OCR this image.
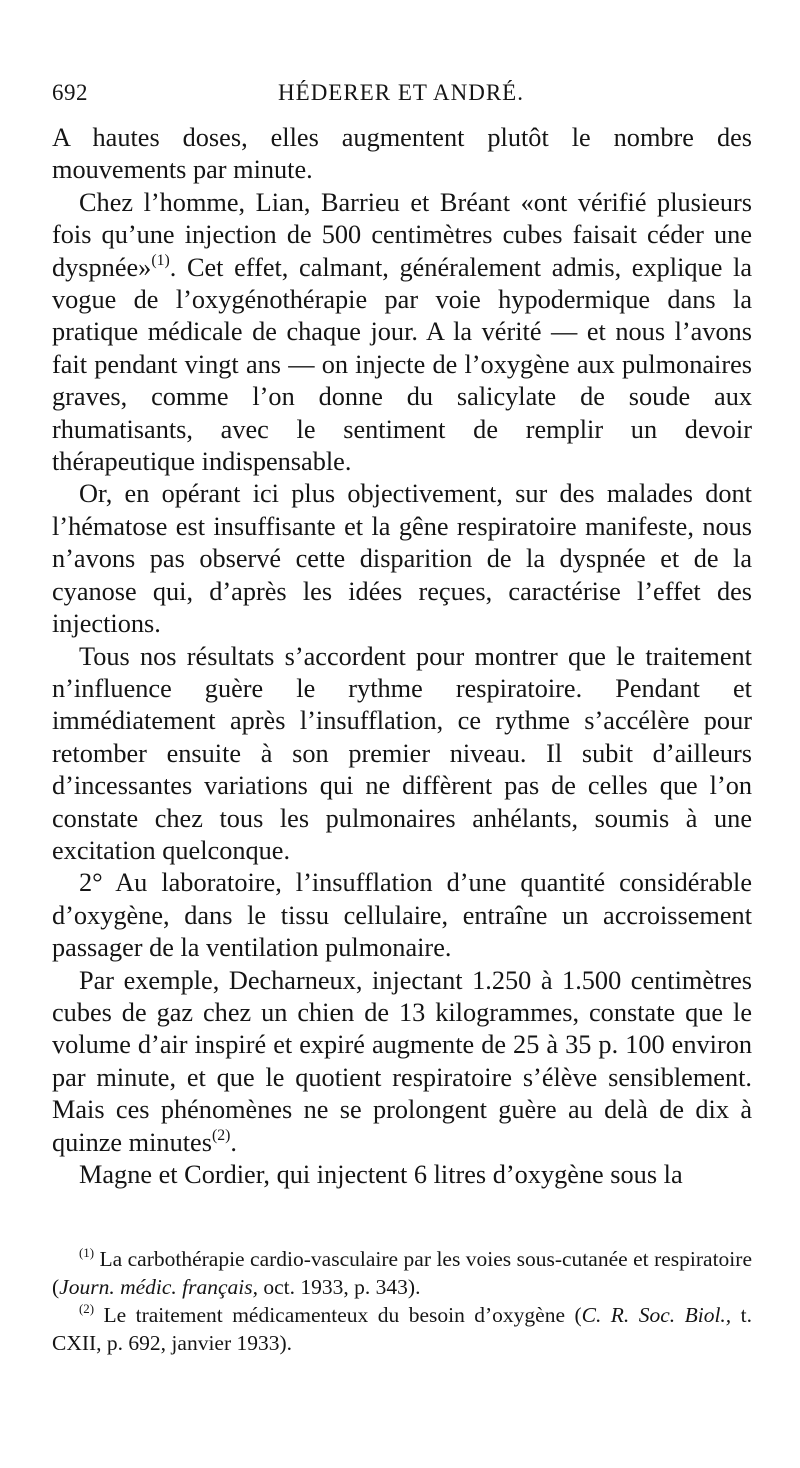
692	HÉDERER ET ANDRÉ.

A hautes doses, elles augmentent plutôt le nombre des mouvements par minute.

Chez l’homme, Lian, Barrieu et Bréant «ont vérifié plusieurs fois qu’une injection de 500 centimètres cubes faisait céder une dyspnée»$^{(1)}$. Cet effet, calmant, généralement admis, explique la vogue de l’oxygénothérapie par voie hypodermique dans la pratique médicale de chaque jour. A la vérité — et nous l’avons fait pendant vingt ans — on injecte de l’oxygène aux pulmonaires graves, comme l’on donne du salicylate de soude aux rhumatisants, avec le sentiment de remplir un devoir thérapeutique indispensable.

Or, en opérant ici plus objectivement, sur des malades dont l’hématose est insuffisante et la gêne respiratoire manifeste, nous n’avons pas observé cette disparition de la dyspnée et de la cyanose qui, d’après les idées reçues, caractérise l’effet des injections.

Tous nos résultats s’accordent pour montrer que le traitement n’influence guère le rythme respiratoire. Pendant et immédiatement après l’insufflation, ce rythme s’accélère pour retomber ensuite à son premier niveau. Il subit d’ailleurs d’incessantes variations qui ne diffèrent pas de celles que l’on constate chez tous les pulmonaires anhélants, soumis à une excitation quelconque.

2° Au laboratoire, l’insufflation d’une quantité considérable d’oxygène, dans le tissu cellulaire, entraîne un accroissement passager de la ventilation pulmonaire.

Par exemple, Decharneux, injectant 1.250 à 1.500 centimètres cubes de gaz chez un chien de 13 kilogrammes, constate que le volume d’air inspiré et expiré augmente de 25 à 35 p. 100 environ par minute, et que le quotient respiratoire s’élève sensiblement. Mais ces phénomènes ne se prolongent guère au delà de dix à quinze minutes$^{(2)}$.

Magne et Cordier, qui injectent 6 litres d’oxygène sous la

$^{(1)}$ La carbothérapie cardio-vasculaire par les voies sous-cutanée et respiratoire (Journ. médic. français, oct. 1933, p. 343).

$^{(2)}$ Le traitement médicamenteux du besoin d’oxygène (C. R. Soc. Biol., t. CXII, p. 692, janvier 1933).
